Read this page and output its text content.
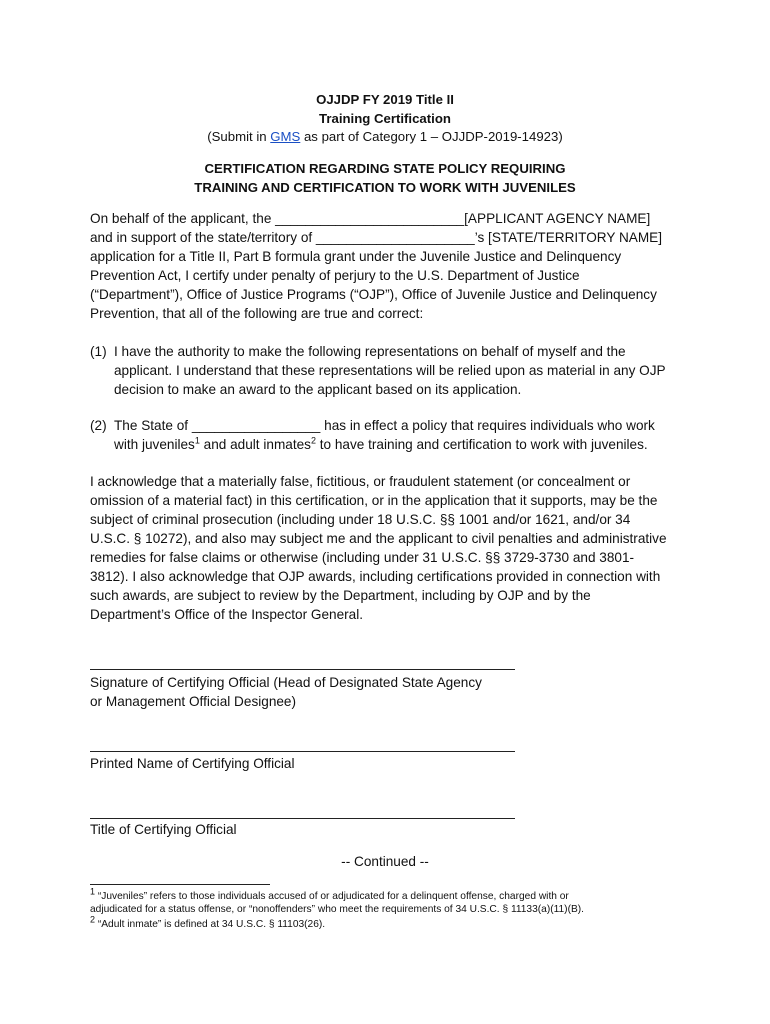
OJJDP FY 2019 Title II
Training Certification
(Submit in GMS as part of Category 1 – OJJDP-2019-14923)
CERTIFICATION REGARDING STATE POLICY REQUIRING
TRAINING AND CERTIFICATION TO WORK WITH JUVENILES
On behalf of the applicant, the _________________________[APPLICANT AGENCY NAME]
and in support of the state/territory of _____________________’s [STATE/TERRITORY NAME]
application for a Title II, Part B formula grant under the Juvenile Justice and Delinquency
Prevention Act, I certify under penalty of perjury to the U.S. Department of Justice
(“Department”), Office of Justice Programs (“OJP”), Office of Juvenile Justice and Delinquency
Prevention, that all of the following are true and correct:
(1) I have the authority to make the following representations on behalf of myself and the
applicant. I understand that these representations will be relied upon as material in any OJP
decision to make an award to the applicant based on its application.
(2) The State of _________________ has in effect a policy that requires individuals who work
with juveniles$^1$ and adult inmates$^2$ to have training and certification to work with juveniles.
I acknowledge that a materially false, fictitious, or fraudulent statement (or concealment or
omission of a material fact) in this certification, or in the application that it supports, may be the
subject of criminal prosecution (including under 18 U.S.C. §§ 1001 and/or 1621, and/or 34
U.S.C. § 10272), and also may subject me and the applicant to civil penalties and administrative
remedies for false claims or otherwise (including under 31 U.S.C. §§ 3729-3730 and 3801-
3812). I also acknowledge that OJP awards, including certifications provided in connection with
such awards, are subject to review by the Department, including by OJP and by the
Department’s Office of the Inspector General.
Signature of Certifying Official (Head of Designated State Agency
or Management Official Designee)
Printed Name of Certifying Official
Title of Certifying Official
-- Continued --
1 “Juveniles” refers to those individuals accused of or adjudicated for a delinquent offense, charged with or
adjudicated for a status offense, or “nonoffenders” who meet the requirements of 34 U.S.C. § 11133(a)(11)(B).
2 “Adult inmate” is defined at 34 U.S.C. § 11103(26).
